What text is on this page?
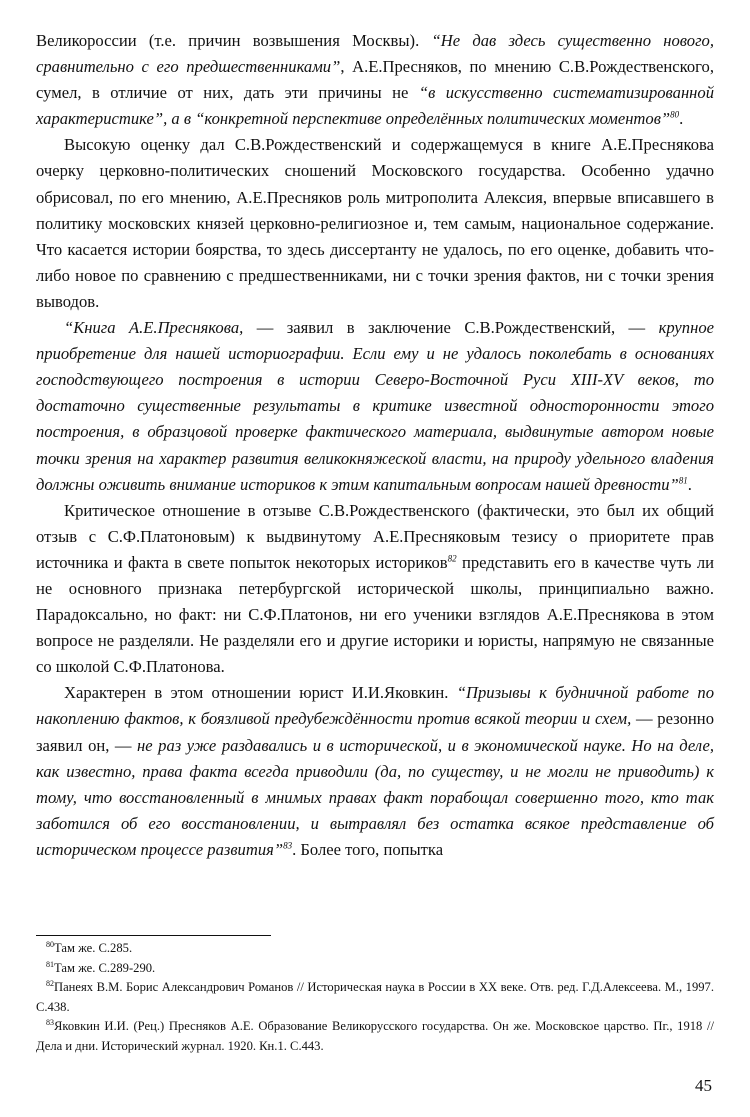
Великороссии (т.е. причин возвышения Москвы). “Не дав здесь существенно нового, сравнительно с его предшественниками”, А.Е.Пресняков, по мнению С.В.Рождественского, сумел, в отличие от них, дать эти причины не “в искусственно систематизированной характеристике”, а в “конкретной перспективе определённых политических моментов”$^{80}$.

Высокую оценку дал С.В.Рождественский и содержащемуся в книге А.Е.Преснякова очерку церковно-политических сношений Московского государства. Особенно удачно обрисовал, по его мнению, А.Е.Пресняков роль митрополита Алексия, впервые вписавшего в политику московских князей церковно-религиозное и, тем самым, национальное содержание. Что касается истории боярства, то здесь диссертанту не удалось, по его оценке, добавить что-либо новое по сравнению с предшественниками, ни с точки зрения фактов, ни с точки зрения выводов.

“Книга А.Е.Преснякова, — заявил в заключение С.В.Рождественский, — крупное приобретение для нашей историографии. Если ему и не удалось поколебать в основаниях господствующего построения в истории Северо-Восточной Руси XIII-XV веков, то достаточно существенные результаты в критике известной односторонности этого построения, в образцовой проверке фактического материала, выдвинутые автором новые точки зрения на характер развития великокняжеской власти, на природу удельного владения должны оживить внимание историков к этим капитальным вопросам нашей древности”$^{81}$.

Критическое отношение в отзыве С.В.Рождественского (фактически, это был их общий отзыв с С.Ф.Платоновым) к выдвинутому А.Е.Пресняковым тезису о приоритете прав источника и факта в свете попыток некоторых историков$^{82}$ представить его в качестве чуть ли не основного признака петербургской исторической школы, принципиально важно. Парадоксально, но факт: ни С.Ф.Платонов, ни его ученики взглядов А.Е.Преснякова в этом вопросе не разделяли. Не разделяли его и другие историки и юристы, напрямую не связанные со школой С.Ф.Платонова.

Характерен в этом отношении юрист И.И.Яковкин. “Призывы к будничной работе по накоплению фактов, к боязливой предубеждённости против всякой теории и схем, — резонно заявил он, — не раз уже раздавались и в исторической, и в экономической науке. Но на деле, как известно, права факта всегда приводили (да, по существу, и не могли не приводить) к тому, что восстановленный в мнимых правах факт порабощал совершенно того, кто так заботился об его восстановлении, и вытравлял без остатка всякое представление об историческом процессе развития”$^{83}$. Более того, попытка

$^{80}$Там же. С.285.

$^{81}$Там же. С.289-290.

$^{82}$Панеях В.М. Борис Александрович Романов // Историческая наука в России в XX веке. Отв. ред. Г.Д.Алексеева. М., 1997. С.438.

$^{83}$Яковкин И.И. (Рец.) Пресняков А.Е. Образование Великорусского государства. Он же. Московское царство. Пг., 1918 // Дела и дни. Исторический журнал. 1920. Кн.1. С.443.

45
